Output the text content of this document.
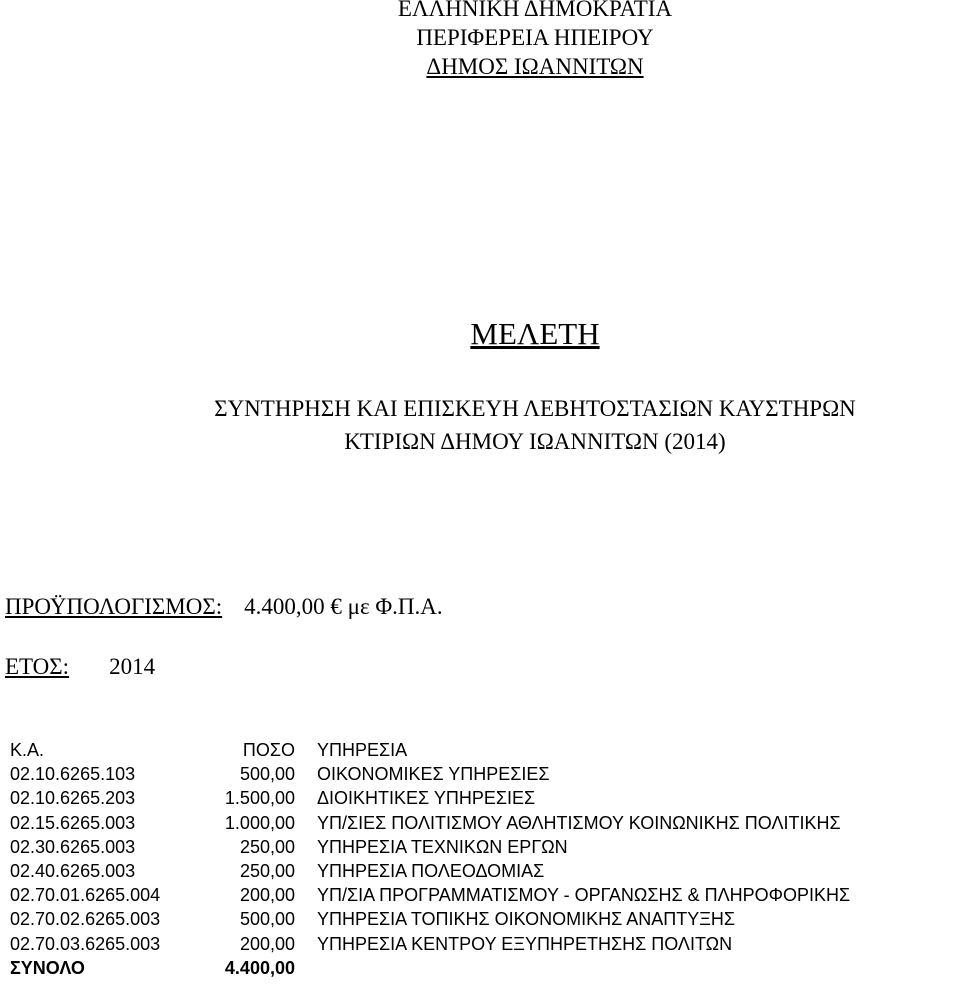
ΕΛΛΗΝΙΚΗ ΔΗΜΟΚΡΑΤΙΑ
ΠΕΡΙΦΕΡΕΙΑ ΗΠΕΙΡΟΥ
ΔΗΜΟΣ ΙΩΑΝΝΙΤΩΝ
ΜΕΛΕΤΗ
ΣΥΝΤΗΡΗΣΗ ΚΑΙ ΕΠΙΣΚΕΥΗ ΛΕΒΗΤΟΣΤΑΣΙΩΝ ΚΑΥΣΤΗΡΩΝ
ΚΤΙΡΙΩΝ ΔΗΜΟΥ ΙΩΑΝΝΙΤΩΝ (2014)
ΠΡΟΫΠΟΛΟΓΙΣΜΟΣ: 4.400,00 € με Φ.Π.Α.
ΕΤΟΣ: 2014
Κ.Α.	ΠΟΣΟ ΥΠΗΡΕΣΙΑ
02.10.6265.103	500,00 ΟΙΚΟΝΟΜΙΚΕΣ ΥΠΗΡΕΣΙΕΣ
02.10.6265.203	1.500,00 ΔΙΟΙΚΗΤΙΚΕΣ ΥΠΗΡΕΣΙΕΣ
02.15.6265.003	1.000,00 ΥΠ/ΣΙΕΣ ΠΟΛΙΤΙΣΜΟΥ ΑΘΛΗΤΙΣΜΟΥ ΚΟΙΝΩΝΙΚΗΣ ΠΟΛΙΤΙΚΗΣ
02.30.6265.003	250,00 ΥΠΗΡΕΣΙΑ ΤΕΧΝΙΚΩΝ ΕΡΓΩΝ
02.40.6265.003	250,00 ΥΠΗΡΕΣΙΑ ΠΟΛΕΟΔΟΜΙΑΣ
02.70.01.6265.004	200,00 ΥΠ/ΣΙΑ ΠΡΟΓΡΑΜΜΑΤΙΣΜΟΥ - ΟΡΓΑΝΩΣΗΣ & ΠΛΗΡΟΦΟΡΙΚΗΣ
02.70.02.6265.003	500,00 ΥΠΗΡΕΣΙΑ ΤΟΠΙΚΗΣ ΟΙΚΟΝΟΜΙΚΗΣ ΑΝΑΠΤΥΞΗΣ
02.70.03.6265.003	200,00 ΥΠΗΡΕΣΙΑ ΚΕΝΤΡΟΥ ΕΞΥΠΗΡΕΤΗΣΗΣ ΠΟΛΙΤΩΝ
ΣΥΝΟΛΟ	4.400,00
